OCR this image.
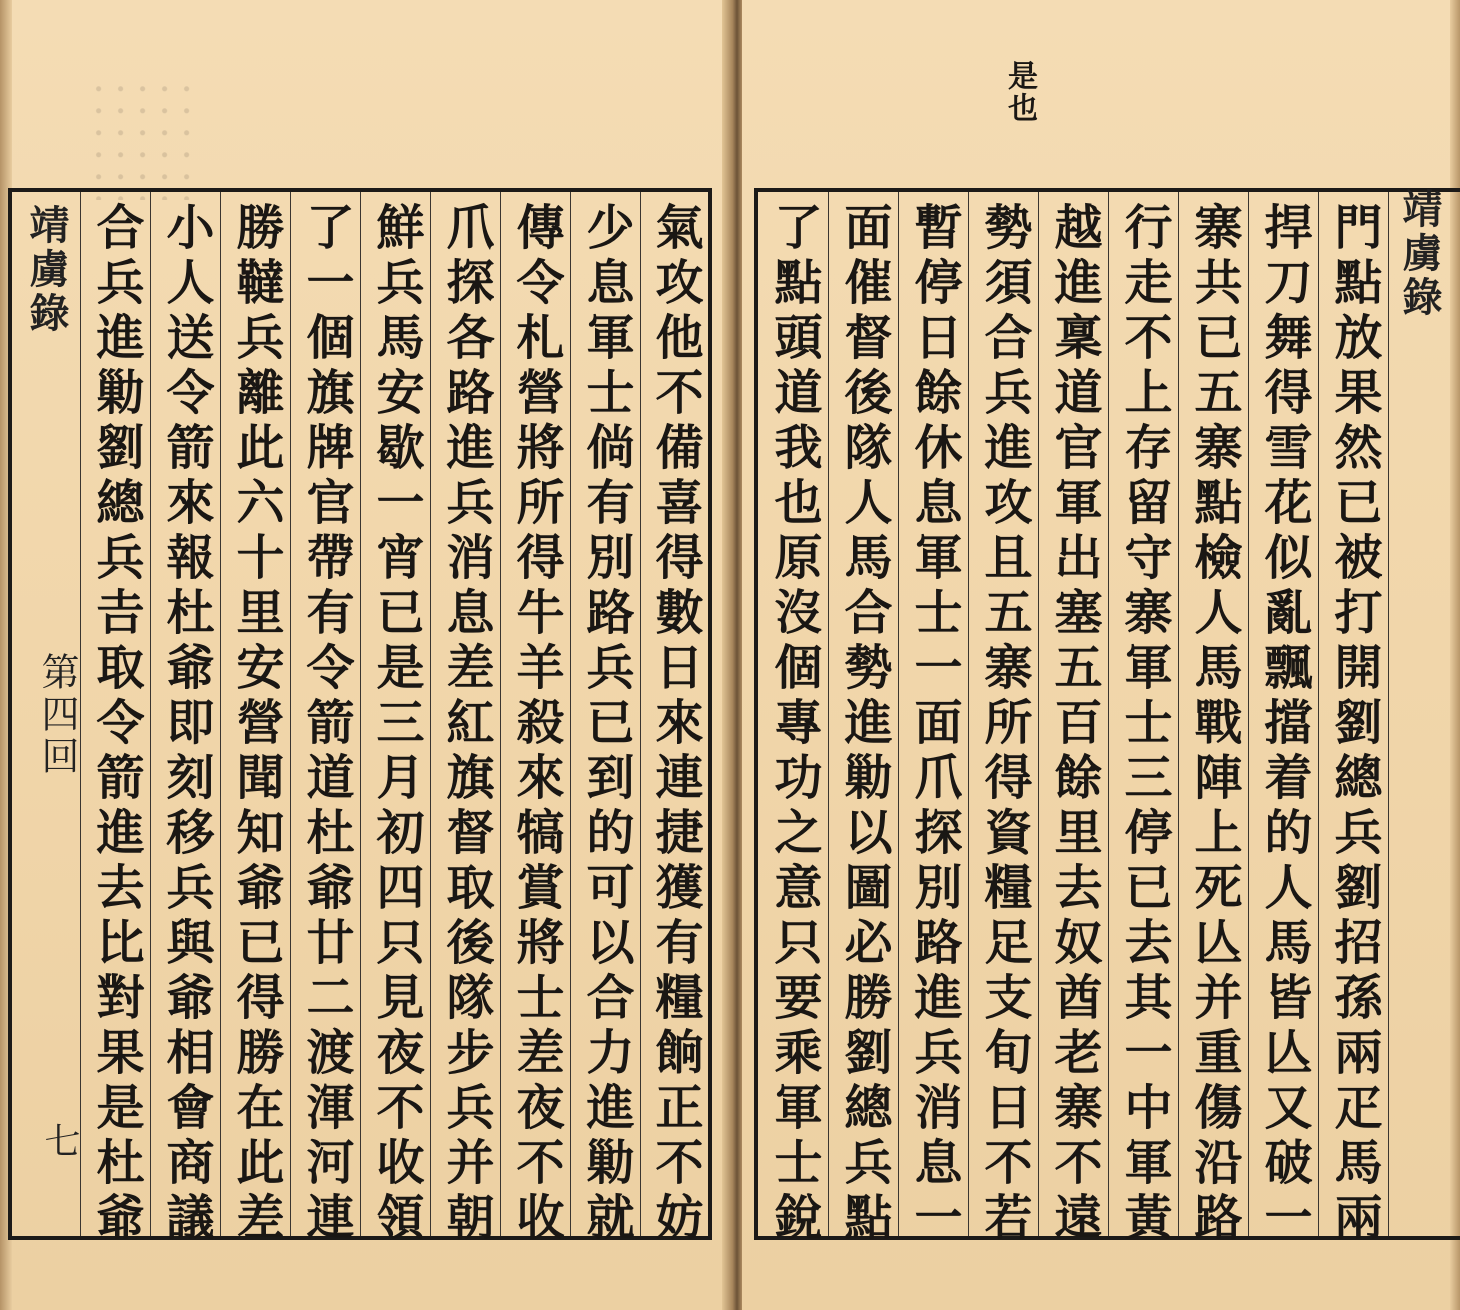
靖虜錄
第四回
七 合兵進勦劉總兵𠮷取令箭進去比對果是杜爺 小人送令箭來報杜爺即刻移兵與爺相會商議 勝韃兵離此六十里安營聞知爺已得勝在此差 了一個旗牌官帶有令箭道杜爺廿二渡渾河連 鮮兵馬安歇一宵已是三月初四只見夜不收領 爪探各路進兵消息差紅旗督取後隊步兵并朝 傳令札營將所得牛羊殺來犒賞將士差夜不收 少息軍士倘有別路兵已到的可以合力進勦就 氣攻他不備喜得數日來連捷獲有糧餉正不妨
是也
了點頭道我也原沒個專功之意只要乘軍士銳 面催督後隊人馬合勢進勦以圖必勝劉總兵點 暫停日餘休息軍士一面爪探別路進兵消息一 勢須合兵進攻且五寨所得資糧足支旬日不若 越進稟道官軍出塞五百餘里去奴酋老寨不遠 行走不上存留守寨軍士三停已去其一中軍黃 寨共已五寨點檢人馬戰陣上死亾并重傷沿路 捍刀舞得雪花似亂飄擋着的人馬皆亾又破一 門點放果然已被打開劉總兵劉招孫兩疋馬兩 靖虜錄
